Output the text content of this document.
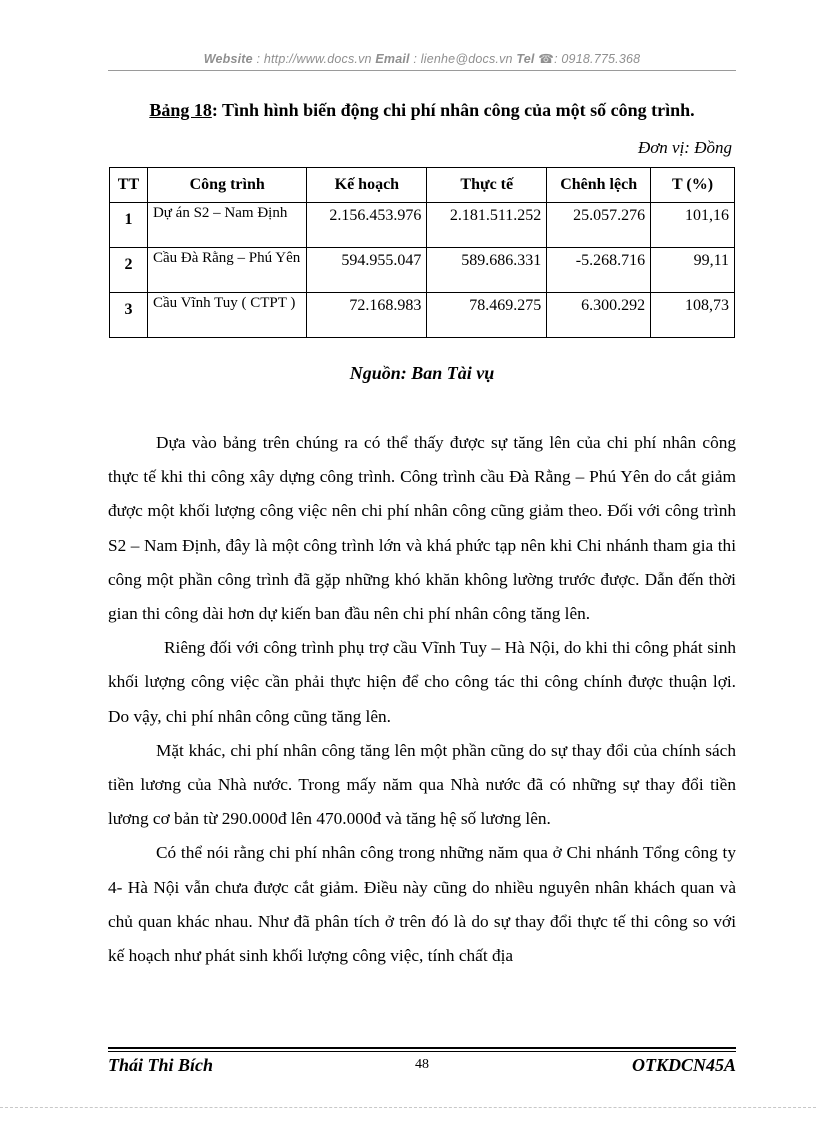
Website : http://www.docs.vn Email : lienhe@docs.vn Tel ☎: 0918.775.368
Bảng 18: Tình hình biến động chi phí nhân công của một số công trình.
Đơn vị: Đồng
TT	Công trình	Kế hoạch	Thực tế	Chênh lệch	T (%)
1	Dự án S2 – Nam Định	2.156.453.976	2.181.511.252	25.057.276	101,16
2	Cầu Đà Rằng – Phú Yên	594.955.047	589.686.331	-5.268.716	99,11
3	Cầu Vĩnh Tuy ( CTPT )	72.168.983	78.469.275	6.300.292	108,73
Nguồn: Ban Tài vụ

Dựa vào bảng trên chúng ra có thể thấy được sự tăng lên của chi phí nhân công thực tế khi thi công xây dựng công trình. Công trình cầu Đà Rằng – Phú Yên do cắt giảm được một khối lượng công việc nên chi phí nhân công cũng giảm theo. Đối với công trình S2 – Nam Định, đây là một công trình lớn và khá phức tạp nên khi Chi nhánh tham gia thi công một phần công trình đã gặp những khó khăn không lường trước được. Dẫn đến thời gian thi công dài hơn dự kiến ban đầu nên chi phí nhân công tăng lên.

Riêng đối với công trình phụ trợ cầu Vĩnh Tuy – Hà Nội, do khi thi công phát sinh khối lượng công việc cần phải thực hiện để cho công tác thi công chính được thuận lợi. Do vậy, chi phí nhân công cũng tăng lên.

Mặt khác, chi phí nhân công tăng lên một phần cũng do sự thay đổi của chính sách tiền lương của Nhà nước. Trong mấy năm qua Nhà nước đã có những sự thay đổi tiền lương cơ bản từ 290.000đ lên 470.000đ và tăng hệ số lương lên.

Có thể nói rằng chi phí nhân công trong những năm qua ở Chi nhánh Tổng công ty 4- Hà Nội vẫn chưa được cắt giảm. Điều này cũng do nhiều nguyên nhân khách quan và chủ quan khác nhau. Như đã phân tích ở trên đó là do sự thay đổi thực tế thi công so với kế hoạch như phát sinh khối lượng công việc, tính chất địa

Thái Thi Bích	48	OTKDCN45A
